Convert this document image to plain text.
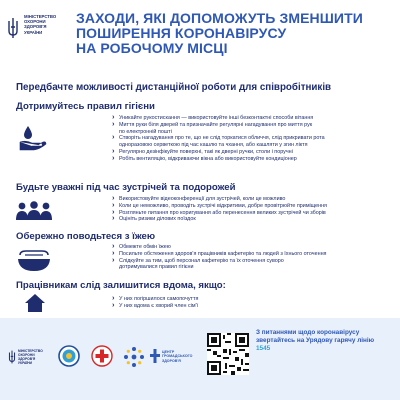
МІНІСТЕРСТВО
ОХОРОНИ
ЗДОРОВ'Я
УКРАЇНИ
ЗАХОДИ, ЯКІ ДОПОМОЖУТЬ ЗМЕНШИТИ
ПОШИРЕННЯ КОРОНАВІРУСУ
НА РОБОЧОМУ МІСЦІ
Передбачте можливості дистанційної роботи для співробітників
Дотримуйтесь правил гігієни
› Уникайте рукостискання — використовуйте інші безконтактні способи вітання
› Миття руки біля дверей та призначайте регулярні нагадування про миття рук
по електронній пошті
› Створіть нагадування про те, що не слід торкатися обличчя, слід прикривати рота
одноразовою серветкою під час кашлю та чхання, або кашляти у згин ліктя
› Регулярно дезінфікуйте поверхні, такі як дверні ручки, столи і поручні
› Робіть вентиляцію, відкриваючи вікна або використовуйте кондиціонер
Будьте уважні під час зустрічей та подорожей
› Використовуйте відеоконференції для зустрічей, коли це можливо
› Коли це неможливо, проводіть зустрічі відкритими, добре провітрюйте приміщення
› Розгляньте питання про коригування або перенесення великих зустрічей чи зборів
› Оцініть ризики ділових поїздок
Обережно поводьтеся з їжею
› Обмежте обмін їжею
› Посильте обстеження здоров'я працівників кафетерію та людей з їхнього оточення
› Слідкуйте за тим, щоб персонал кафетерію та їх оточення суворо
дотримувалися правил гігієни
Працівникам слід залишитися вдома, якщо:
› У них погіршилося самопочуття
› У них вдома є хворий член сім'ї
МІНІСТЕРСТВО
ОХОРОНИ
ЗДОРОВ'Я
УКРАЇНИ
ЦЕНТР
ГРОМАДСЬКОГО
ЗДОРОВ'Я
З питаннями щодо коронавірусу звертайтесь на Урядову гарячу лінію
1545
